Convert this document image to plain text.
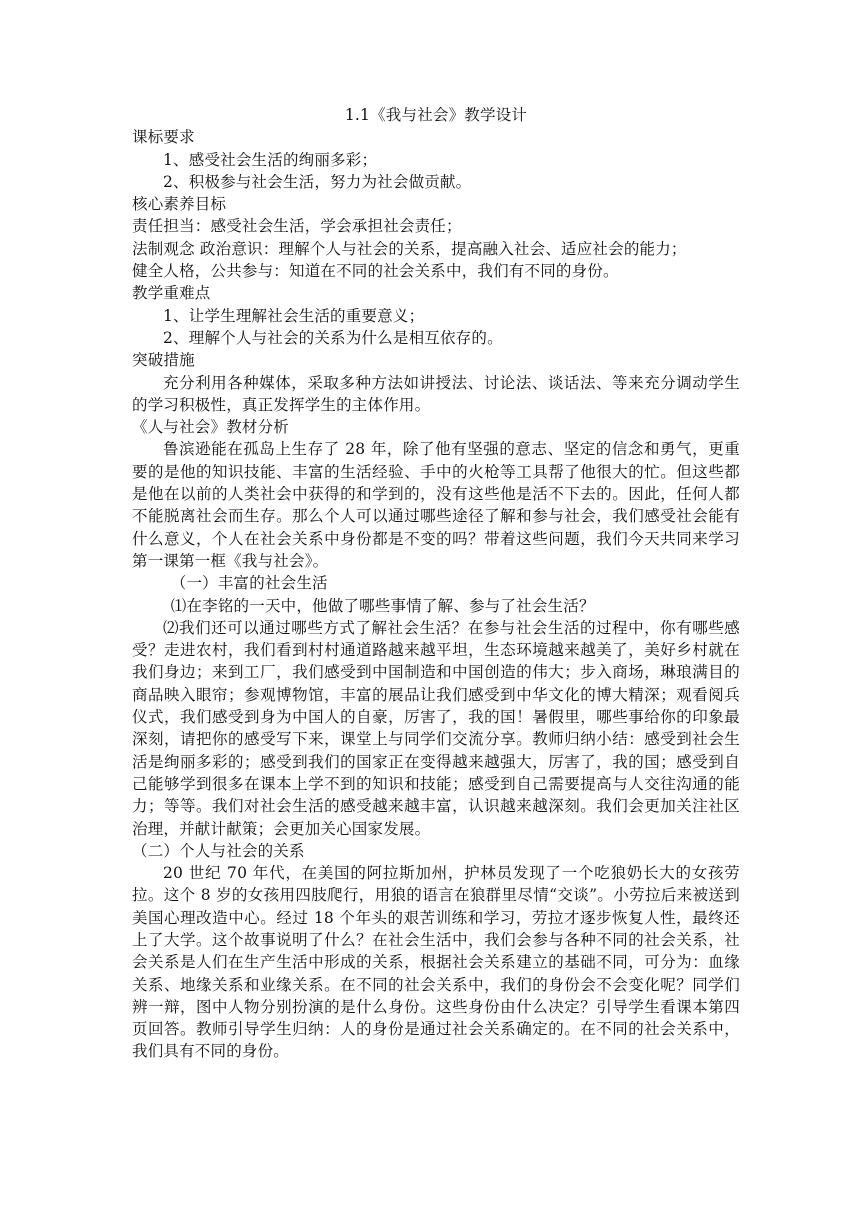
1.1《我与社会》教学设计

课标要求

1、感受社会生活的绚丽多彩；

2、积极参与社会生活，努力为社会做贡献。

核心素养目标

责任担当：感受社会生活，学会承担社会责任；

法制观念 政治意识：理解个人与社会的关系，提高融入社会、适应社会的能力；

健全人格，公共参与：知道在不同的社会关系中，我们有不同的身份。

教学重难点

1、让学生理解社会生活的重要意义；

2、理解个人与社会的关系为什么是相互依存的。

突破措施

充分利用各种媒体，采取多种方法如讲授法、讨论法、谈话法、等来充分调动学生的学习积极性，真正发挥学生的主体作用。

《人与社会》教材分析

鲁滨逊能在孤岛上生存了 28 年，除了他有坚强的意志、坚定的信念和勇气，更重要的是他的知识技能、丰富的生活经验、手中的火枪等工具帮了他很大的忙。但这些都是他在以前的人类社会中获得的和学到的，没有这些他是活不下去的。因此，任何人都不能脱离社会而生存。那么个人可以通过哪些途径了解和参与社会，我们感受社会能有什么意义，个人在社会关系中身份都是不变的吗？带着这些问题，我们今天共同来学习第一课第一框《我与社会》。

（一）丰富的社会生活

⑴在李铭的一天中，他做了哪些事情了解、参与了社会生活？

⑵我们还可以通过哪些方式了解社会生活？在参与社会生活的过程中，你有哪些感受？走进农村，我们看到村村通道路越来越平坦，生态环境越来越美了，美好乡村就在我们身边；来到工厂，我们感受到中国制造和中国创造的伟大；步入商场，琳琅满目的商品映入眼帘；参观博物馆，丰富的展品让我们感受到中华文化的博大精深；观看阅兵仪式，我们感受到身为中国人的自豪，厉害了，我的国！暑假里，哪些事给你的印象最深刻，请把你的感受写下来，课堂上与同学们交流分享。教师归纳小结：感受到社会生活是绚丽多彩的；感受到我们的国家正在变得越来越强大，厉害了，我的国；感受到自己能够学到很多在课本上学不到的知识和技能；感受到自己需要提高与人交往沟通的能力；等等。我们对社会生活的感受越来越丰富，认识越来越深刻。我们会更加关注社区治理，并献计献策；会更加关心国家发展。

（二）个人与社会的关系

20 世纪 70 年代，在美国的阿拉斯加州，护林员发现了一个吃狼奶长大的女孩劳拉。这个 8 岁的女孩用四肢爬行，用狼的语言在狼群里尽情“交谈”。小劳拉后来被送到美国心理改造中心。经过 18 个年头的艰苦训练和学习，劳拉才逐步恢复人性，最终还上了大学。这个故事说明了什么？在社会生活中，我们会参与各种不同的社会关系，社会关系是人们在生产生活中形成的关系，根据社会关系建立的基础不同，可分为：血缘关系、地缘关系和业缘关系。在不同的社会关系中，我们的身份会不会变化呢？同学们辨一辩，图中人物分别扮演的是什么身份。这些身份由什么决定？引导学生看课本第四页回答。教师引导学生归纳：人的身份是通过社会关系确定的。在不同的社会关系中，我们具有不同的身份。
